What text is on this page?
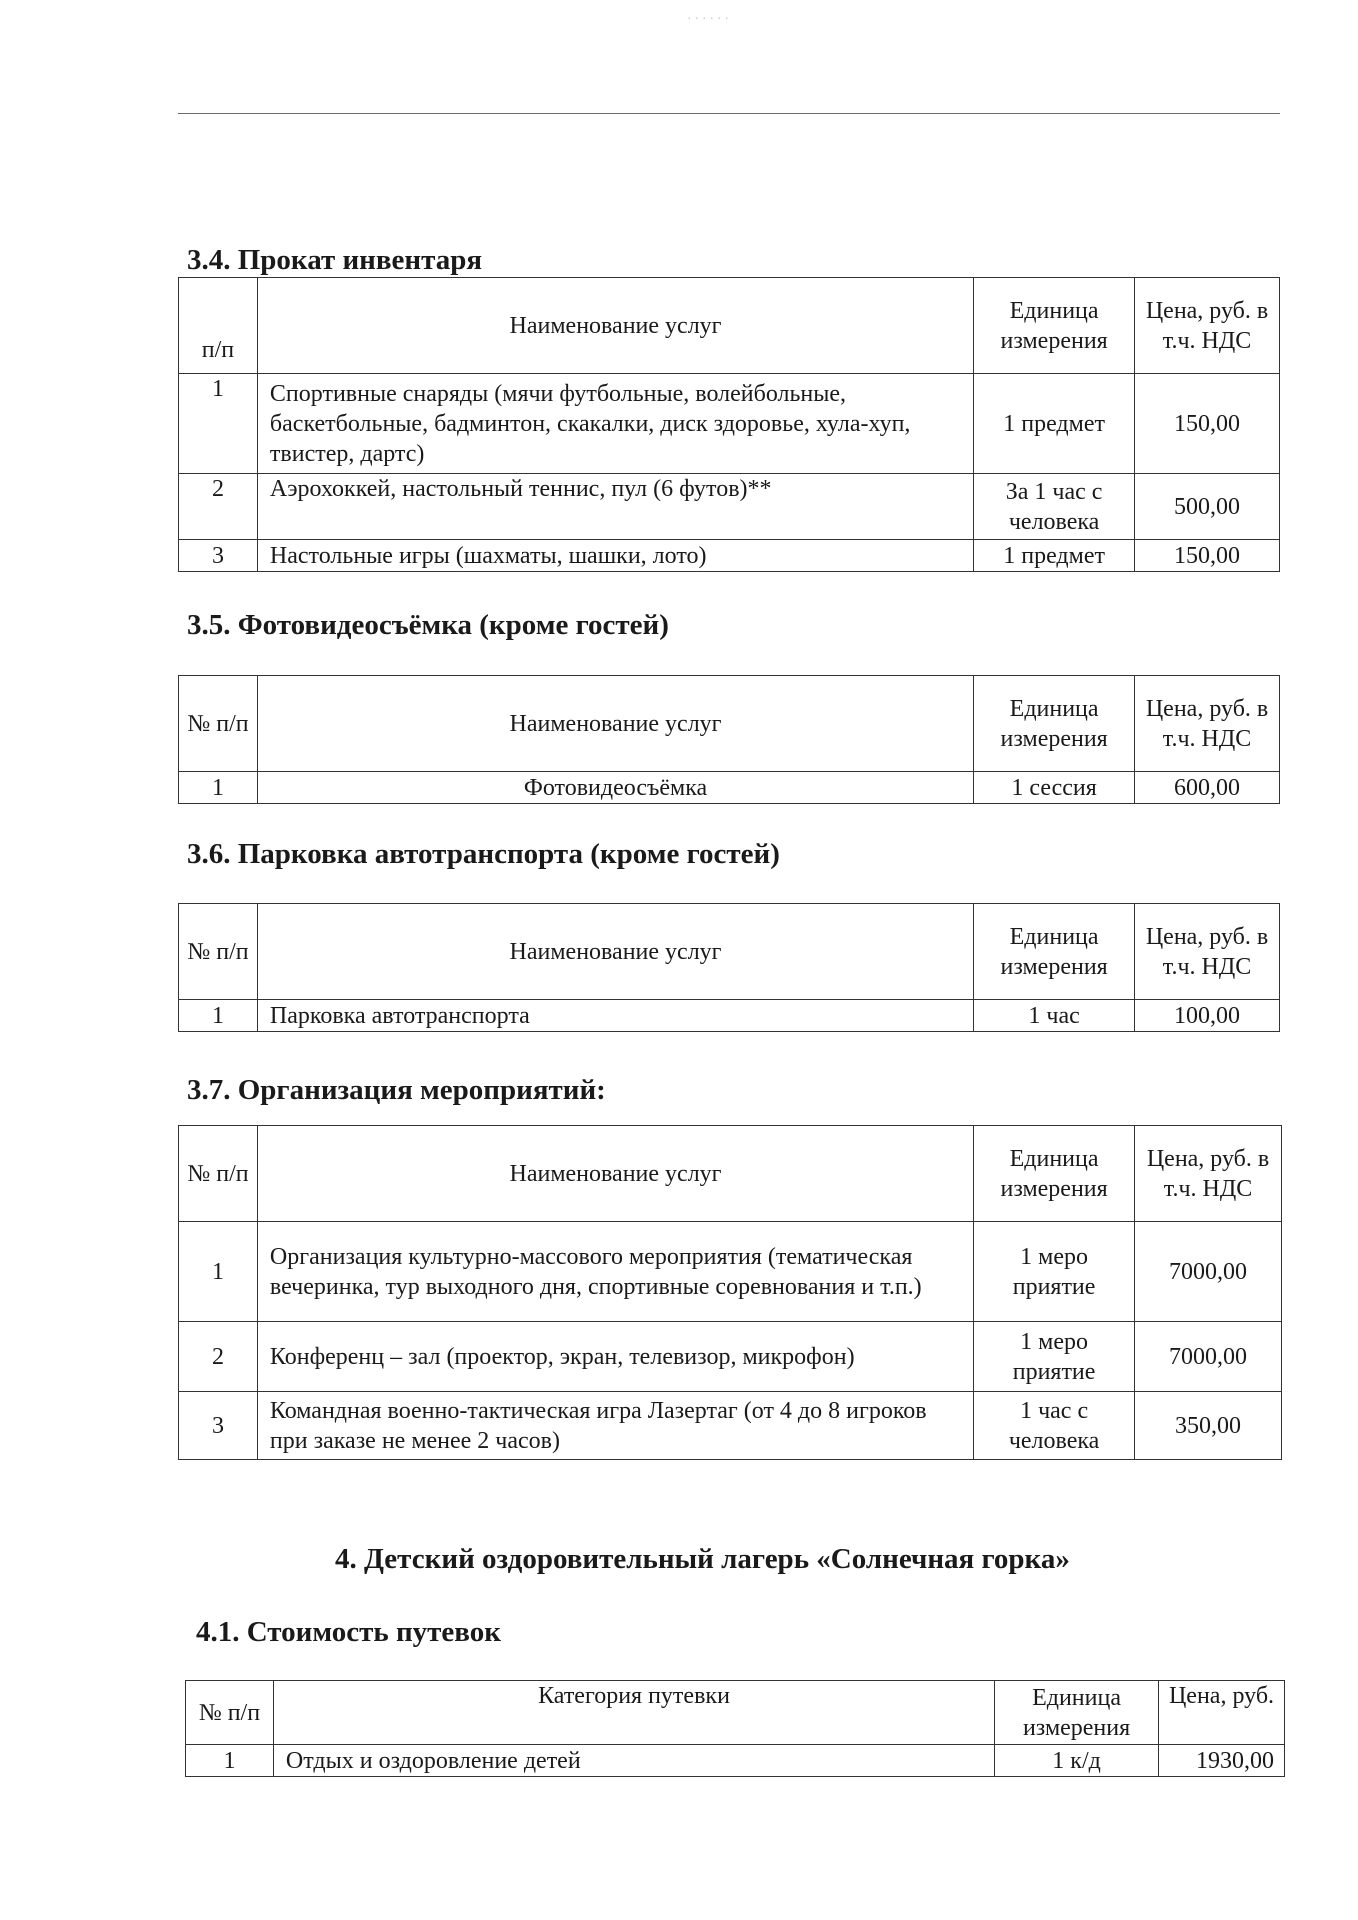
......
3.4. Прокат инвентаря
п/п	Наименование услуг	Единица измерения	Цена, руб. в т.ч. НДС
1	Спортивные снаряды (мячи футбольные, волейбольные, баскетбольные, бадминтон, скакалки, диск здоровье, хула-хуп, твистер, дартс)	1 предмет	150,00
2	Аэрохоккей, настольный теннис, пул (6 футов)**	За 1 час с человека	500,00
3	Настольные игры (шахматы, шашки, лото)	1 предмет	150,00
3.5. Фотовидеосъёмка (кроме гостей)
№ п/п	Наименование услуг	Единица измерения	Цена, руб. в т.ч. НДС
1	Фотовидеосъёмка	1 сессия	600,00
3.6. Парковка автотранспорта (кроме гостей)
№ п/п	Наименование услуг	Единица измерения	Цена, руб. в т.ч. НДС
1	Парковка автотранспорта	1 час	100,00
3.7. Организация мероприятий:
№ п/п	Наименование услуг	Единица измерения	Цена, руб. в т.ч. НДС
1	Организация культурно-массового мероприятия (тематическая вечеринка, тур выходного дня, спортивные соревнования и т.п.)	1 меро приятие	7000,00
2	Конференц – зал (проектор, экран, телевизор, микрофон)	1 меро приятие	7000,00
3	Командная военно-тактическая игра Лазертаг (от 4 до 8 игроков при заказе не менее 2 часов)	1 час с человека	350,00
4. Детский оздоровительный лагерь «Солнечная горка»
4.1. Стоимость путевок
№ п/п	Категория путевки	Единица измерения	Цена, руб.
1	Отдых и оздоровление детей	1 к/д	1930,00
